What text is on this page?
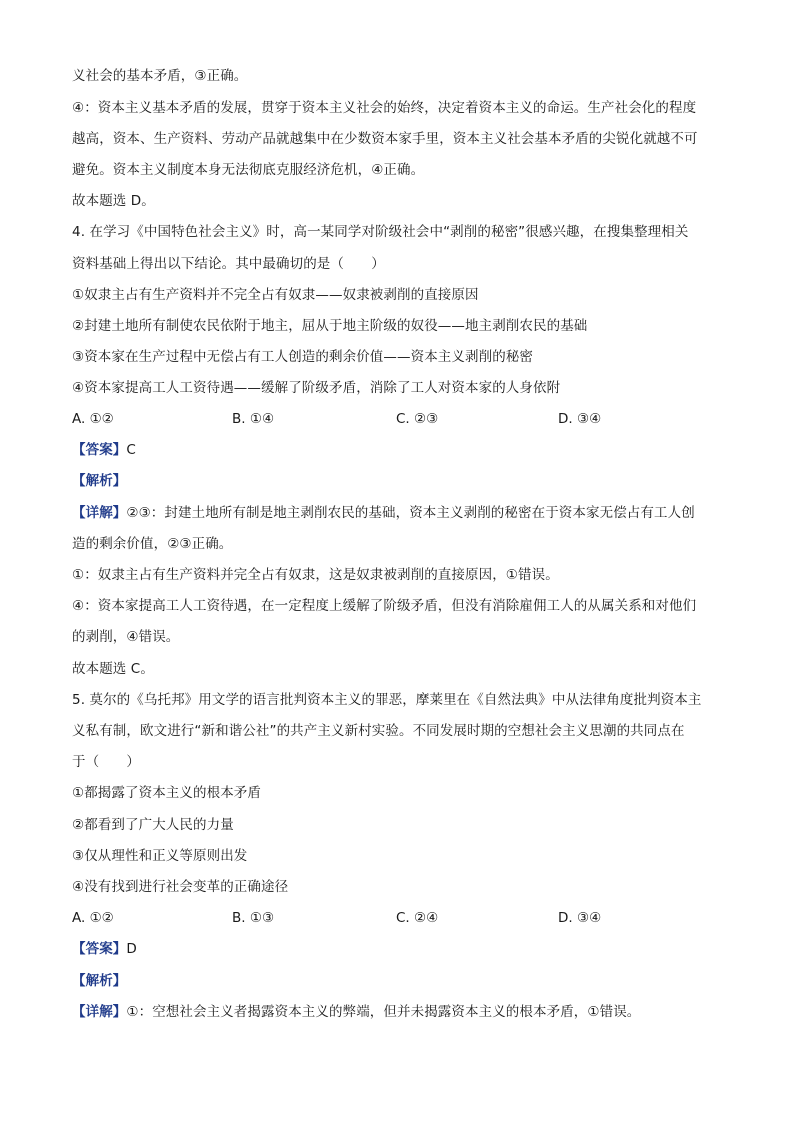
义社会的基本矛盾，③正确。
④：资本主义基本矛盾的发展，贯穿于资本主义社会的始终，决定着资本主义的命运。生产社会化的程度
越高，资本、生产资料、劳动产品就越集中在少数资本家手里，资本主义社会基本矛盾的尖锐化就越不可
避免。资本主义制度本身无法彻底克服经济危机，④正确。
故本题选 D。
4. 在学习《中国特色社会主义》时，高一某同学对阶级社会中“剥削的秘密”很感兴趣，在搜集整理相关
资料基础上得出以下结论。其中最确切的是（　　）
①奴隶主占有生产资料并不完全占有奴隶——奴隶被剥削的直接原因
②封建土地所有制使农民依附于地主，屈从于地主阶级的奴役——地主剥削农民的基础
③资本家在生产过程中无偿占有工人创造的剩余价值——资本主义剥削的秘密
④资本家提高工人工资待遇——缓解了阶级矛盾，消除了工人对资本家的人身依附
A. ①②	B. ①④	C. ②③	D. ③④
【答案】C
【解析】
【详解】②③：封建土地所有制是地主剥削农民的基础，资本主义剥削的秘密在于资本家无偿占有工人创
造的剩余价值，②③正确。
①：奴隶主占有生产资料并完全占有奴隶，这是奴隶被剥削的直接原因，①错误。
④：资本家提高工人工资待遇，在一定程度上缓解了阶级矛盾，但没有消除雇佣工人的从属关系和对他们
的剥削，④错误。
故本题选 C。
5. 莫尔的《乌托邦》用文学的语言批判资本主义的罪恶，摩莱里在《自然法典》中从法律角度批判资本主
义私有制，欧文进行“新和谐公社”的共产主义新村实验。不同发展时期的空想社会主义思潮的共同点在
于（　　）
①都揭露了资本主义的根本矛盾
②都看到了广大人民的力量
③仅从理性和正义等原则出发
④没有找到进行社会变革的正确途径
A. ①②	B. ①③	C. ②④	D. ③④
【答案】D
【解析】
【详解】①：空想社会主义者揭露资本主义的弊端，但并未揭露资本主义的根本矛盾，①错误。
